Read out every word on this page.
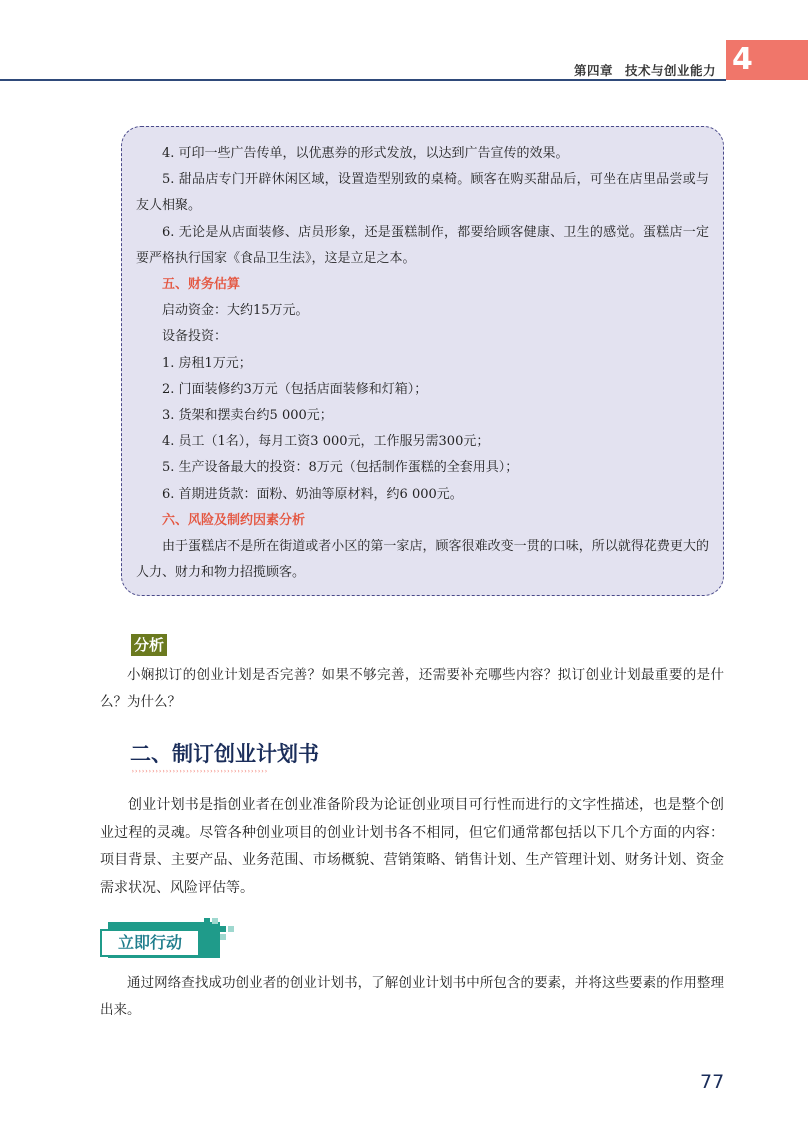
第四章 技术与创业能力 4

4. 可印一些广告传单，以优惠券的形式发放，以达到广告宣传的效果。

5. 甜品店专门开辟休闲区域，设置造型别致的桌椅。顾客在购买甜品后，可坐在店里品尝或与友人相聚。

6. 无论是从店面装修、店员形象，还是蛋糕制作，都要给顾客健康、卫生的感觉。蛋糕店一定要严格执行国家《食品卫生法》，这是立足之本。

五、财务估算

启动资金：大约15万元。

设备投资：

1. 房租1万元；

2. 门面装修约3万元（包括店面装修和灯箱）；

3. 货架和摆卖台约5 000元；

4. 员工（1名），每月工资3 000元，工作服另需300元；

5. 生产设备最大的投资：8万元（包括制作蛋糕的全套用具）；

6. 首期进货款：面粉、奶油等原材料，约6 000元。

六、风险及制约因素分析

由于蛋糕店不是所在街道或者小区的第一家店，顾客很难改变一贯的口味，所以就得花费更大的人力、财力和物力招揽顾客。

分析

小娴拟订的创业计划是否完善？如果不够完善，还需要补充哪些内容？拟订创业计划最重要的是什么？为什么？

二、制订创业计划书
››››››››››››››››››››››››››››››››››››››››

创业计划书是指创业者在创业准备阶段为论证创业项目可行性而进行的文字性描述，也是整个创业过程的灵魂。尽管各种创业项目的创业计划书各不相同，但它们通常都包括以下几个方面的内容：项目背景、主要产品、业务范围、市场概貌、营销策略、销售计划、生产管理计划、财务计划、资金需求状况、风险评估等。

立即行动

通过网络查找成功创业者的创业计划书，了解创业计划书中所包含的要素，并将这些要素的作用整理出来。

77
